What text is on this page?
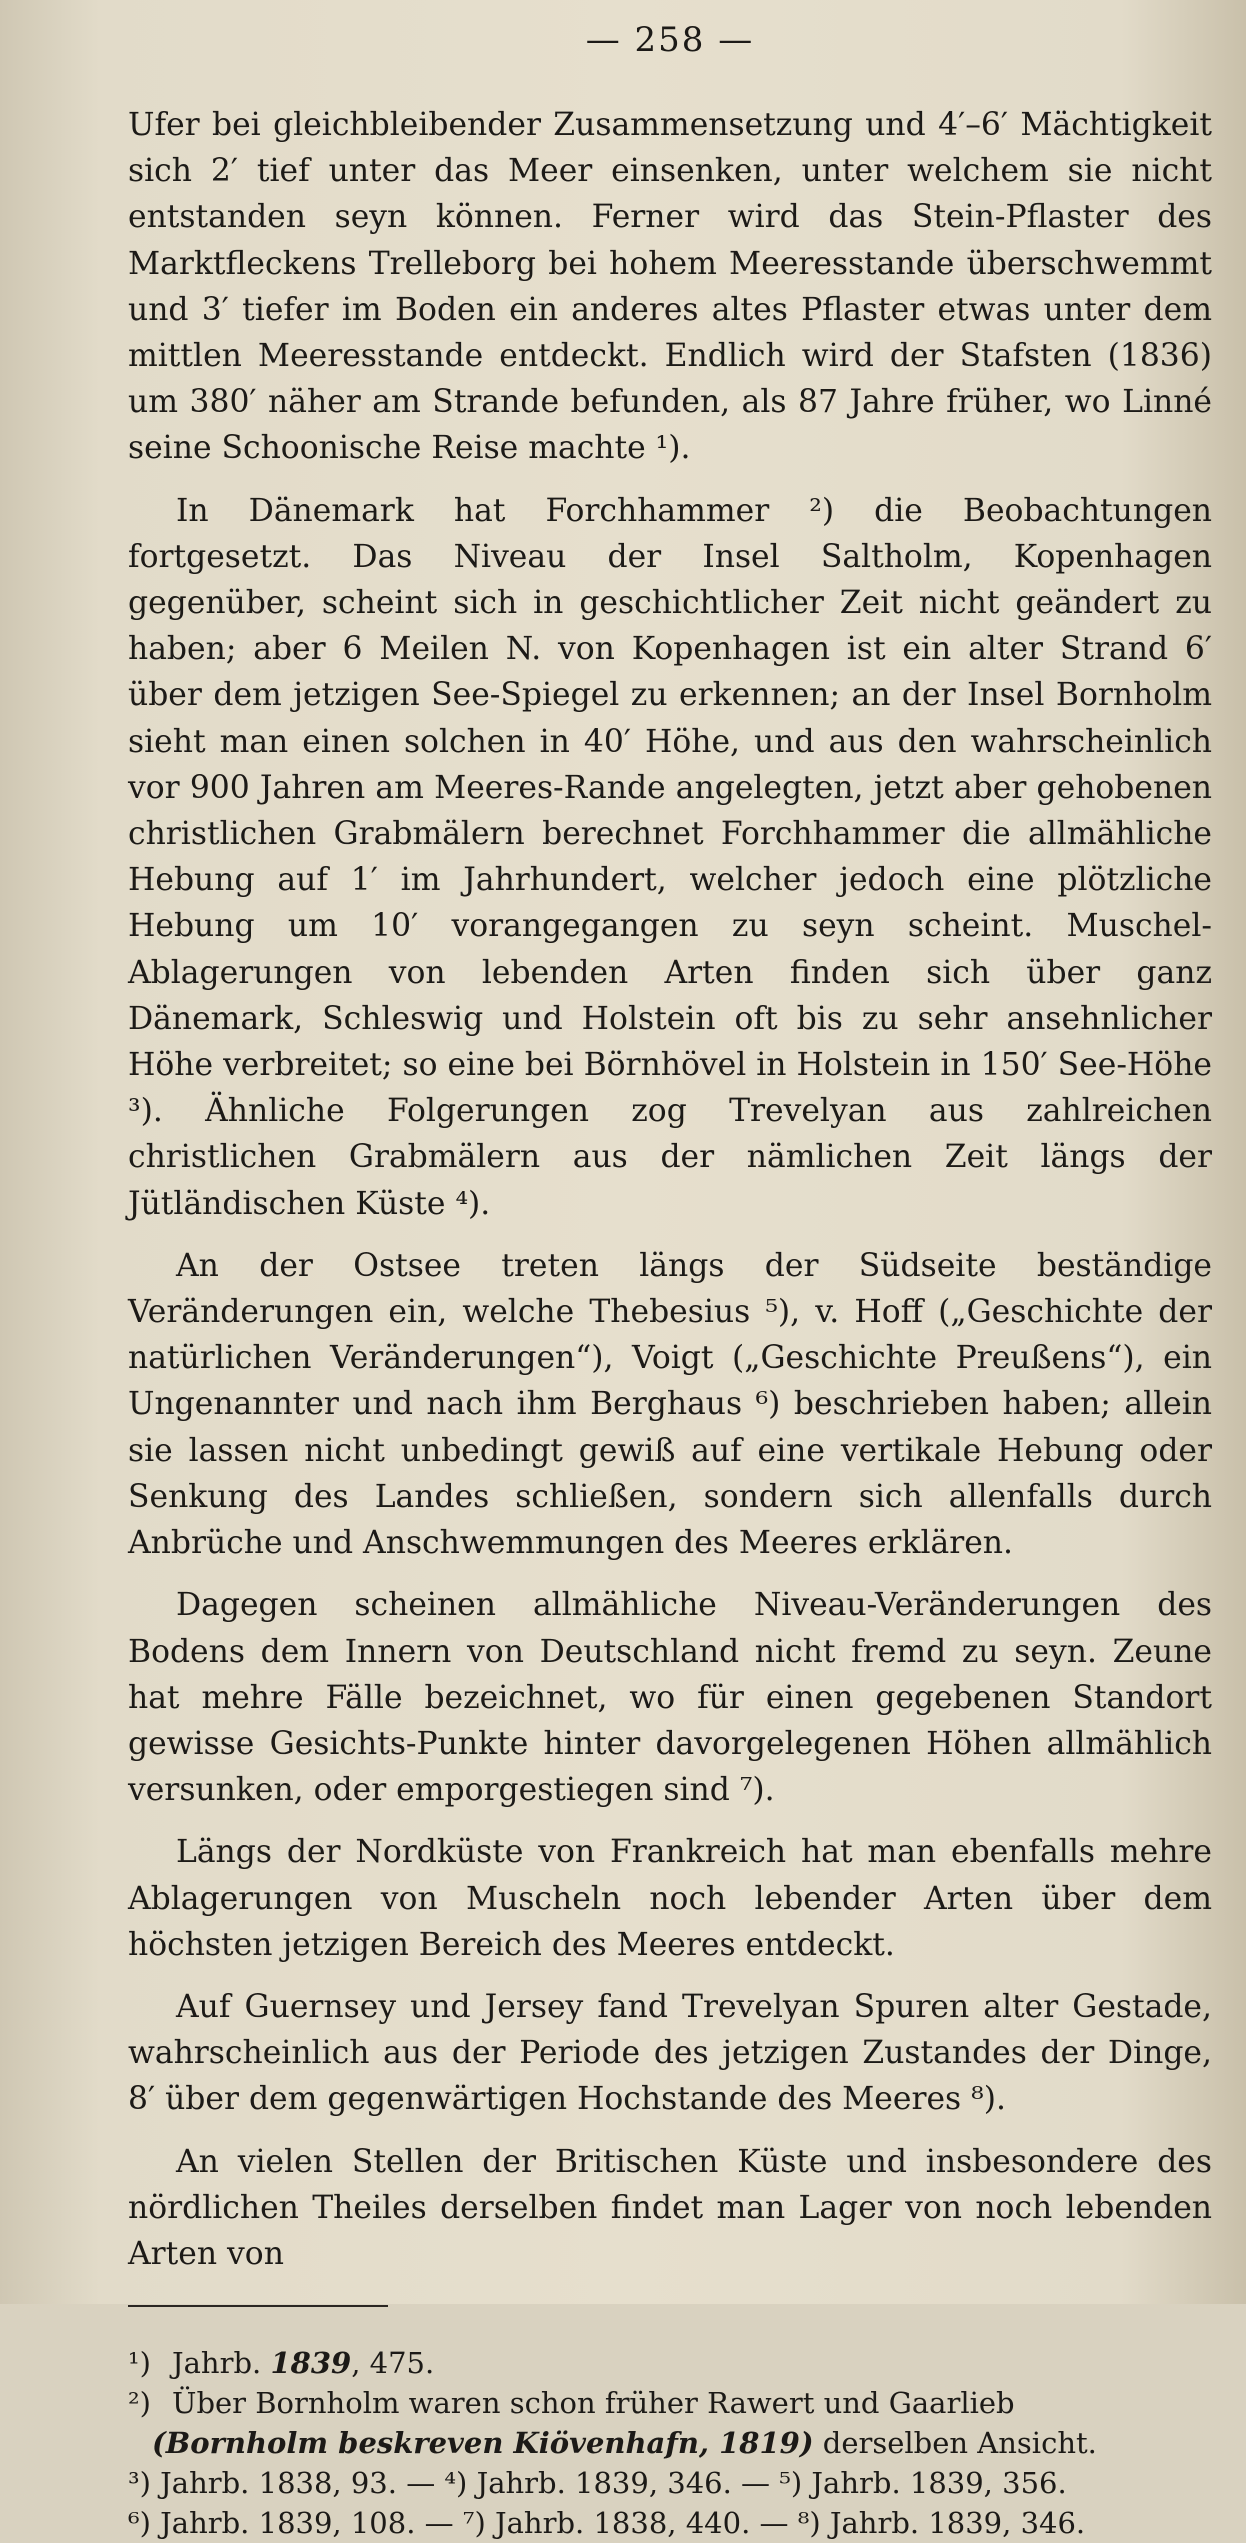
— 258 —

Ufer bei gleichbleibender Zusammensetzung und 4′–6′ Mächtigkeit sich 2′ tief unter das Meer einsenken, unter welchem sie nicht entstanden seyn können. Ferner wird das Stein-Pflaster des Marktfleckens Trelleborg bei hohem Meeresstande überschwemmt und 3′ tiefer im Boden ein anderes altes Pflaster etwas unter dem mittlen Meeresstande entdeckt. Endlich wird der Stafsten (1836) um 380′ näher am Strande befunden, als 87 Jahre früher, wo Linné seine Schoonische Reise machte ¹).

In Dänemark hat Forchhammer ²) die Beobachtungen fortgesetzt. Das Niveau der Insel Saltholm, Kopenhagen gegenüber, scheint sich in geschichtlicher Zeit nicht geändert zu haben; aber 6 Meilen N. von Kopenhagen ist ein alter Strand 6′ über dem jetzigen See-Spiegel zu erkennen; an der Insel Bornholm sieht man einen solchen in 40′ Höhe, und aus den wahrscheinlich vor 900 Jahren am Meeres-Rande angelegten, jetzt aber gehobenen christlichen Grabmälern berechnet Forchhammer die allmähliche Hebung auf 1′ im Jahrhundert, welcher jedoch eine plötzliche Hebung um 10′ vorangegangen zu seyn scheint. Muschel-Ablagerungen von lebenden Arten finden sich über ganz Dänemark, Schleswig und Holstein oft bis zu sehr ansehnlicher Höhe verbreitet; so eine bei Börnhövel in Holstein in 150′ See-Höhe ³). Ähnliche Folgerungen zog Trevelyan aus zahlreichen christlichen Grabmälern aus der nämlichen Zeit längs der Jütländischen Küste ⁴).

An der Ostsee treten längs der Südseite beständige Veränderungen ein, welche Thebesius ⁵), v. Hoff („Geschichte der natürlichen Veränderungen“), Voigt („Geschichte Preußens“), ein Ungenannter und nach ihm Berghaus ⁶) beschrieben haben; allein sie lassen nicht unbedingt gewiß auf eine vertikale Hebung oder Senkung des Landes schließen, sondern sich allenfalls durch Anbrüche und Anschwemmungen des Meeres erklären.

Dagegen scheinen allmähliche Niveau-Veränderungen des Bodens dem Innern von Deutschland nicht fremd zu seyn. Zeune hat mehre Fälle bezeichnet, wo für einen gegebenen Standort gewisse Gesichts-Punkte hinter davorgelegenen Höhen allmählich versunken, oder emporgestiegen sind ⁷).

Längs der Nordküste von Frankreich hat man ebenfalls mehre Ablagerungen von Muscheln noch lebender Arten über dem höchsten jetzigen Bereich des Meeres entdeckt.

Auf Guernsey und Jersey fand Trevelyan Spuren alter Gestade, wahrscheinlich aus der Periode des jetzigen Zustandes der Dinge, 8′ über dem gegenwärtigen Hochstande des Meeres ⁸).

An vielen Stellen der Britischen Küste und insbesondere des nördlichen Theiles derselben findet man Lager von noch lebenden Arten von

¹) Jahrb. 1839, 475.
²) Über Bornholm waren schon früher Rawert und Gaarlieb
(Bornholm beskreven Kiövenhafn, 1819) derselben Ansicht.
³) Jahrb. 1838, 93. — ⁴) Jahrb. 1839, 346. — ⁵) Jahrb. 1839, 356.
⁶) Jahrb. 1839, 108. — ⁷) Jahrb. 1838, 440. — ⁸) Jahrb. 1839, 346.
